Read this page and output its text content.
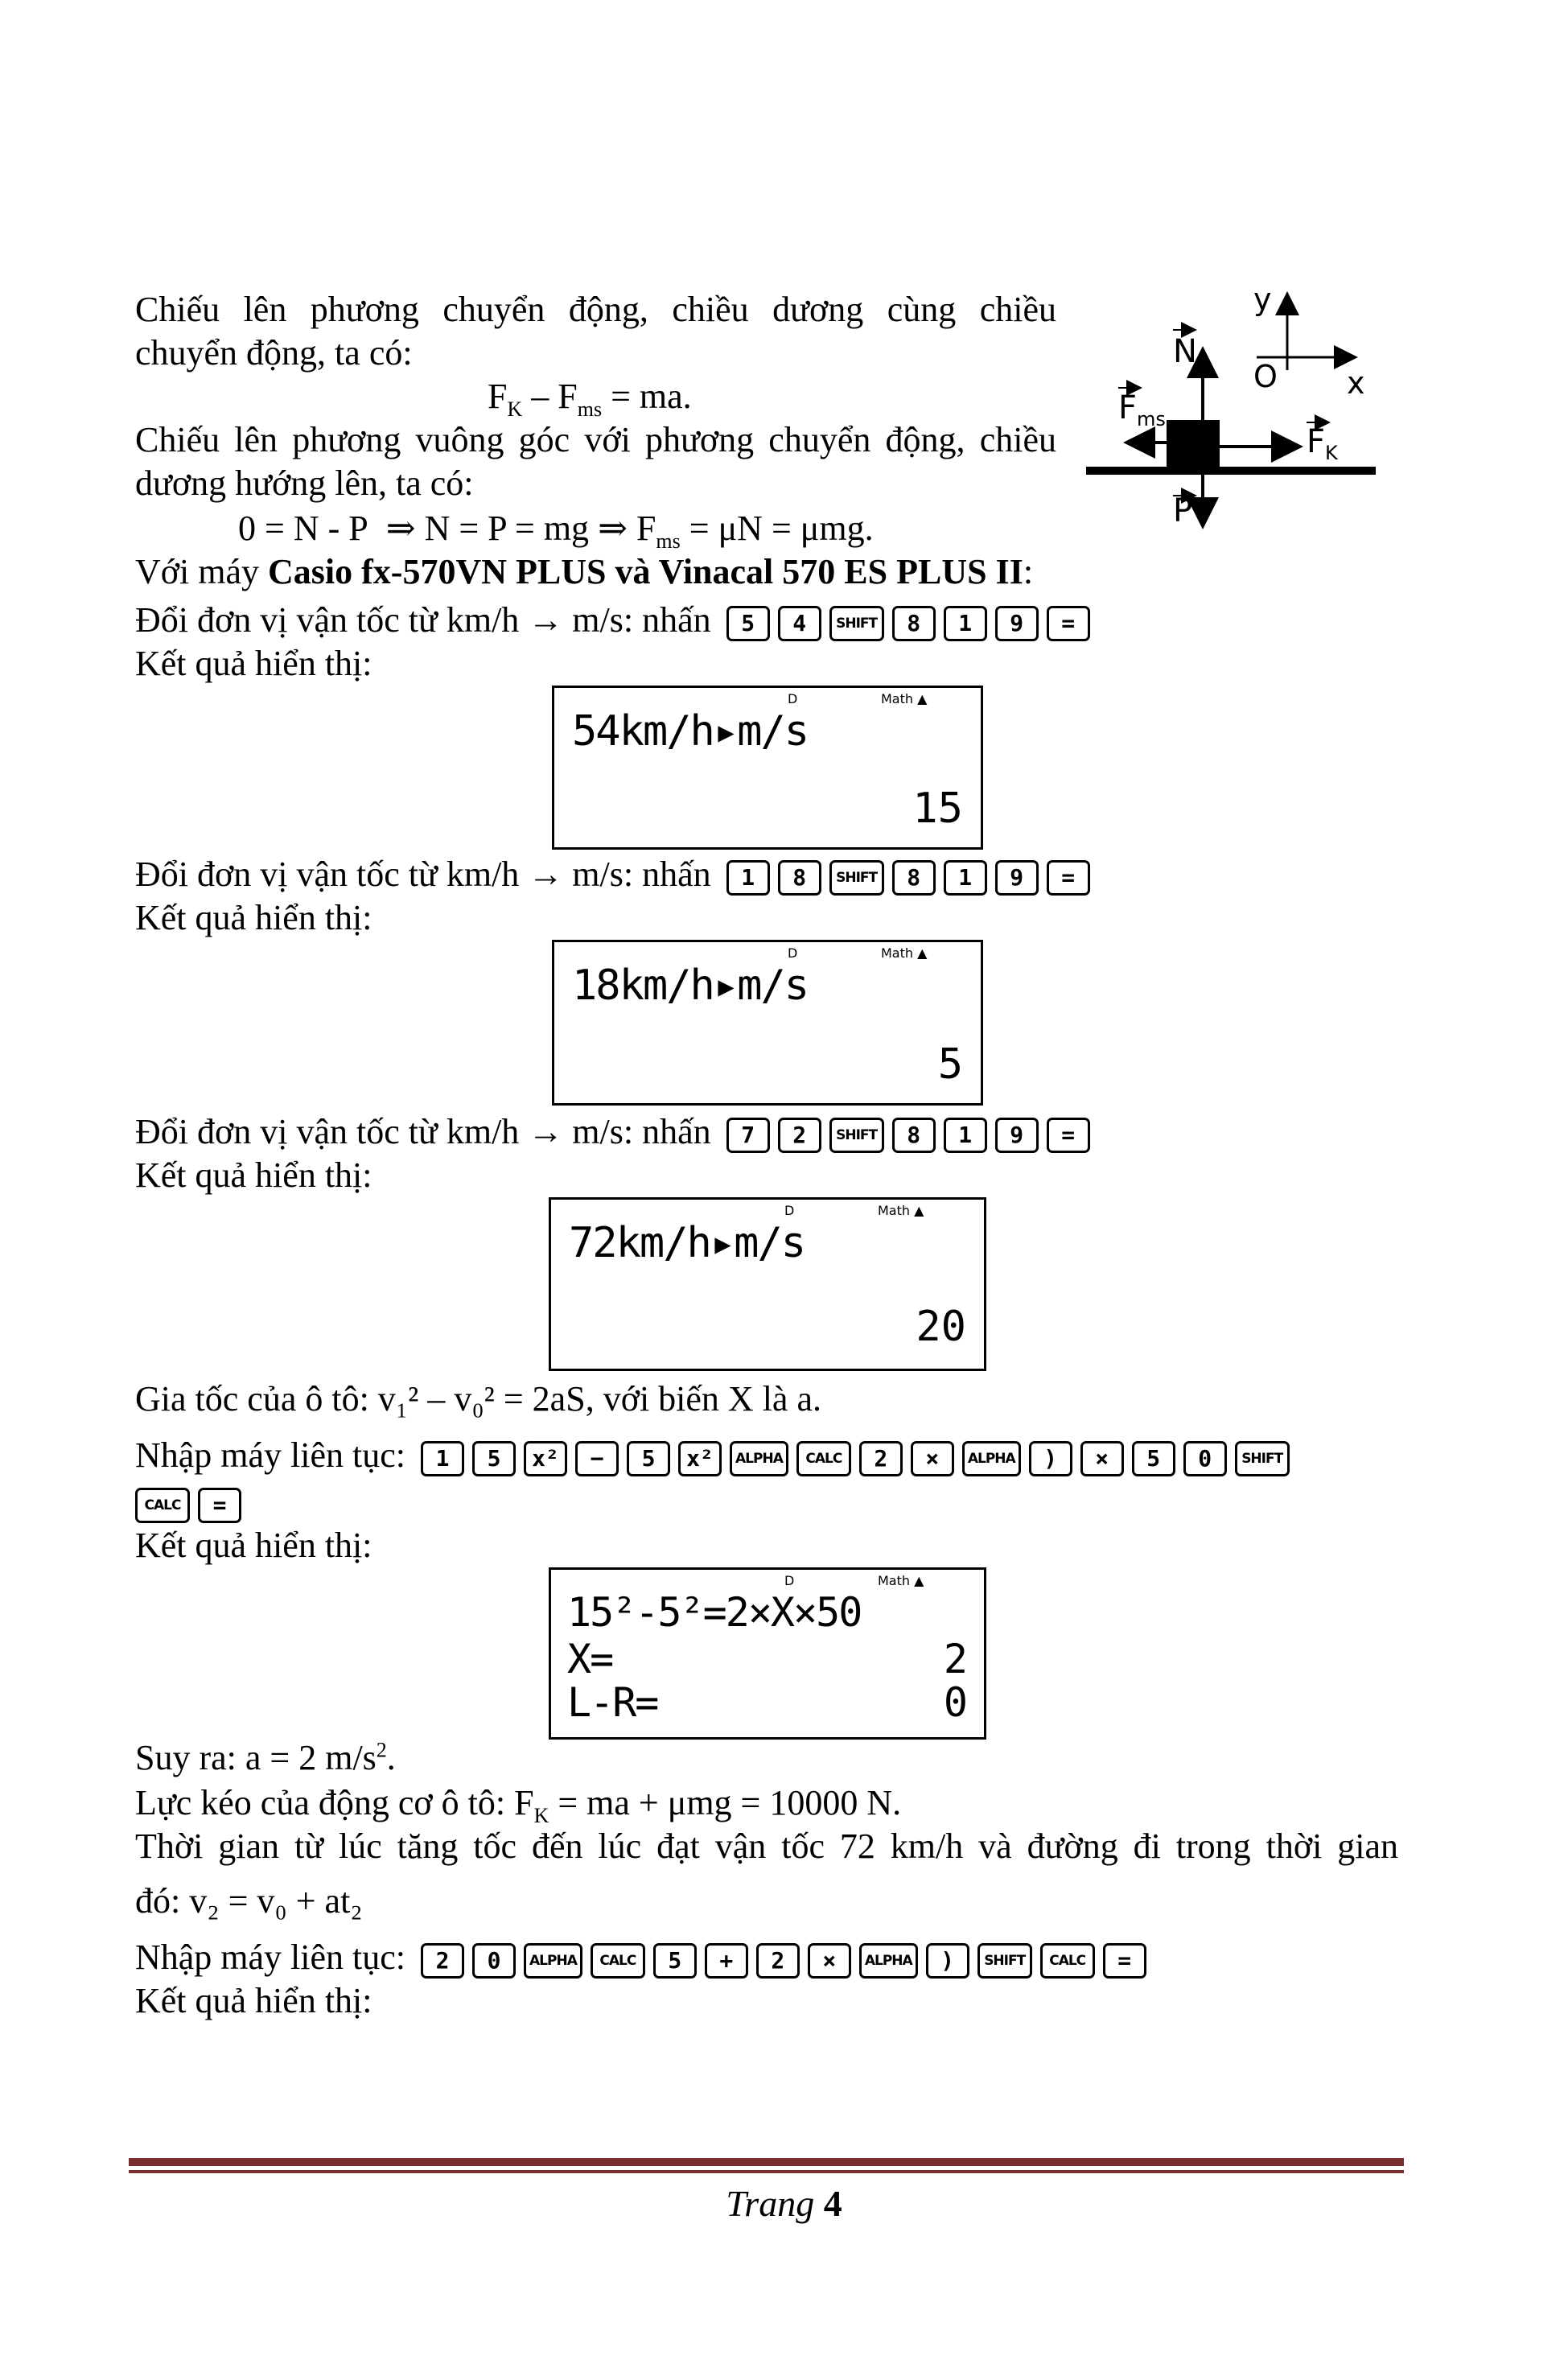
Chiếu lên phương chuyển động, chiều dương cùng chiều
chuyển động, ta có:
$F_K - F_{ms}$ = ma.
Chiếu lên phương vuông góc với phương chuyển động, chiều
dương hướng lên, ta có:
0 = N - P ⇒ N = P = mg ⇒ $F_{ms} = \mu N = \mu mg$.
Với máy Casio fx-570VN PLUS và Vinacal 570 ES PLUS II:
y
x
O
N
P
$F_{ms}$
$F_K$
Đổi đơn vị vận tốc từ km/h → m/s: nhấn	5	4	SHIFT	8	1	9	=
Kết quả hiển thị:
D	Math ▲
54km/h▸m/s
15
Đổi đơn vị vận tốc từ km/h → m/s: nhấn	1	8	SHIFT	8	1	9	=
Kết quả hiển thị:
D	Math ▲
18km/h▸m/s
5
Đổi đơn vị vận tốc từ km/h → m/s: nhấn	7	2	SHIFT	8	1	9	=
Kết quả hiển thị:
D	Math ▲
72km/h▸m/s
20
Gia tốc của ô tô: v₁² – v₀² = 2aS, với biến X là a.
Nhập máy liên tục:	1	5	x²	−	5	x²	ALPHA	CALC	2	×	ALPHA	)	×	5	0	SHIFT
CALC	=
Kết quả hiển thị:
D	Math ▲
15²-5²=2×X×50
X=	2
L-R=	0
Suy ra: a = 2 $m/s^2$.
Lực kéo của động cơ ô tô: $F_K$ = ma + μmg = 10000 N.
Thời gian từ lúc tăng tốc đến lúc đạt vận tốc 72 km/h và đường đi trong thời gian
đó: v₂ = v₀ + at₂
Nhập máy liên tục:	2	0	ALPHA	CALC	5	+	2	×	ALPHA	)	SHIFT	CALC	=
Kết quả hiển thị:
Trang 4
